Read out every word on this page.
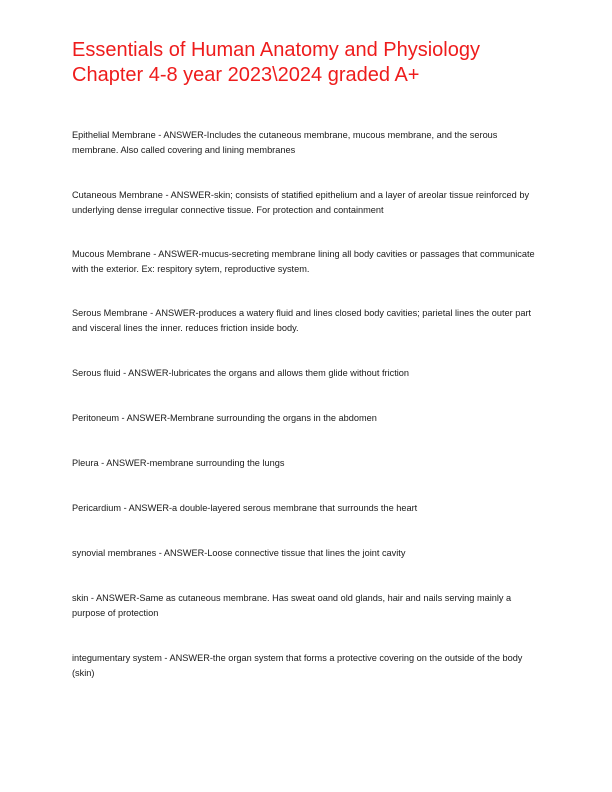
Essentials of Human Anatomy and Physiology Chapter 4-8 year 2023\2024 graded A+

Epithelial Membrane - ANSWER-Includes the cutaneous membrane, mucous membrane, and the serous membrane. Also called covering and lining membranes

Cutaneous Membrane - ANSWER-skin; consists of statified epithelium and a layer of areolar tissue reinforced by underlying dense irregular connective tissue. For protection and containment

Mucous Membrane - ANSWER-mucus-secreting membrane lining all body cavities or passages that communicate with the exterior. Ex: respitory sytem, reproductive system.

Serous Membrane - ANSWER-produces a watery fluid and lines closed body cavities; parietal lines the outer part and visceral lines the inner. reduces friction inside body.

Serous fluid - ANSWER-lubricates the organs and allows them glide without friction

Peritoneum - ANSWER-Membrane surrounding the organs in the abdomen

Pleura - ANSWER-membrane surrounding the lungs

Pericardium - ANSWER-a double-layered serous membrane that surrounds the heart

synovial membranes - ANSWER-Loose connective tissue that lines the joint cavity

skin - ANSWER-Same as cutaneous membrane. Has sweat oand old glands, hair and nails serving mainly a purpose of protection

integumentary system - ANSWER-the organ system that forms a protective covering on the outside of the body (skin)
